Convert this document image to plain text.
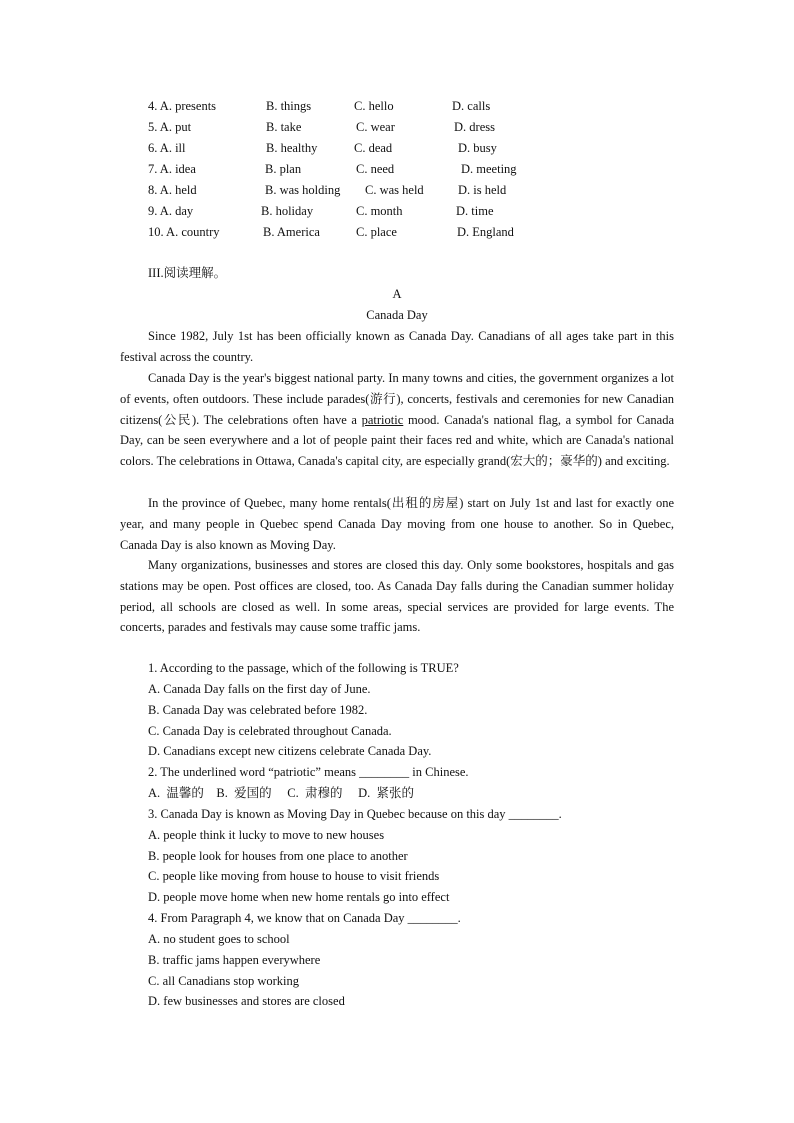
4. A. presents	B. things	C. hello	D. calls
5. A. put	B. take	C. wear	D. dress
6. A. ill	B. healthy	C. dead	D. busy
7. A. idea	B. plan	C. need	D. meeting
8. A. held	B. was holding C. was held	D. is held
9. A. day	B. holiday	C. month	D. time
10. A. country	B. America	C. place	D. England
III.阅读理解。
A
Canada Day
Since 1982, July 1st has been officially known as Canada Day. Canadians of all ages take part in this festival across the country.
Canada Day is the year's biggest national party. In many towns and cities, the government organizes a lot of events, often outdoors. These include parades(游行), concerts, festivals and ceremonies for new Canadian citizens(公民). The celebrations often have a patriotic mood. Canada's national flag, a symbol for Canada Day, can be seen everywhere and a lot of people paint their faces red and white, which are Canada's national colors. The celebrations in Ottawa, Canada's capital city, are especially grand(宏大的；豪华的) and exciting.
In the province of Quebec, many home rentals(出租的房屋) start on July 1st and last for exactly one year, and many people in Quebec spend Canada Day moving from one house to another. So in Quebec, Canada Day is also known as Moving Day.
Many organizations, businesses and stores are closed this day. Only some bookstores, hospitals and gas stations may be open. Post offices are closed, too. As Canada Day falls during the Canadian summer holiday period, all schools are closed as well. In some areas, special services are provided for large events. The concerts, parades and festivals may cause some traffic jams.
1. According to the passage, which of the following is TRUE?
A. Canada Day falls on the first day of June.
B. Canada Day was celebrated before 1982.
C. Canada Day is celebrated throughout Canada.
D. Canadians except new citizens celebrate Canada Day.
2. The underlined word “patriotic” means ________ in Chinese.
A.  温馨的    B.  爱国的     C.  肃穆的     D.  紧张的
3. Canada Day is known as Moving Day in Quebec because on this day ________.
A. people think it lucky to move to new houses
B. people look for houses from one place to another
C. people like moving from house to house to visit friends
D. people move home when new home rentals go into effect
4. From Paragraph 4, we know that on Canada Day ________.
A. no student goes to school
B. traffic jams happen everywhere
C. all Canadians stop working
D. few businesses and stores are closed
